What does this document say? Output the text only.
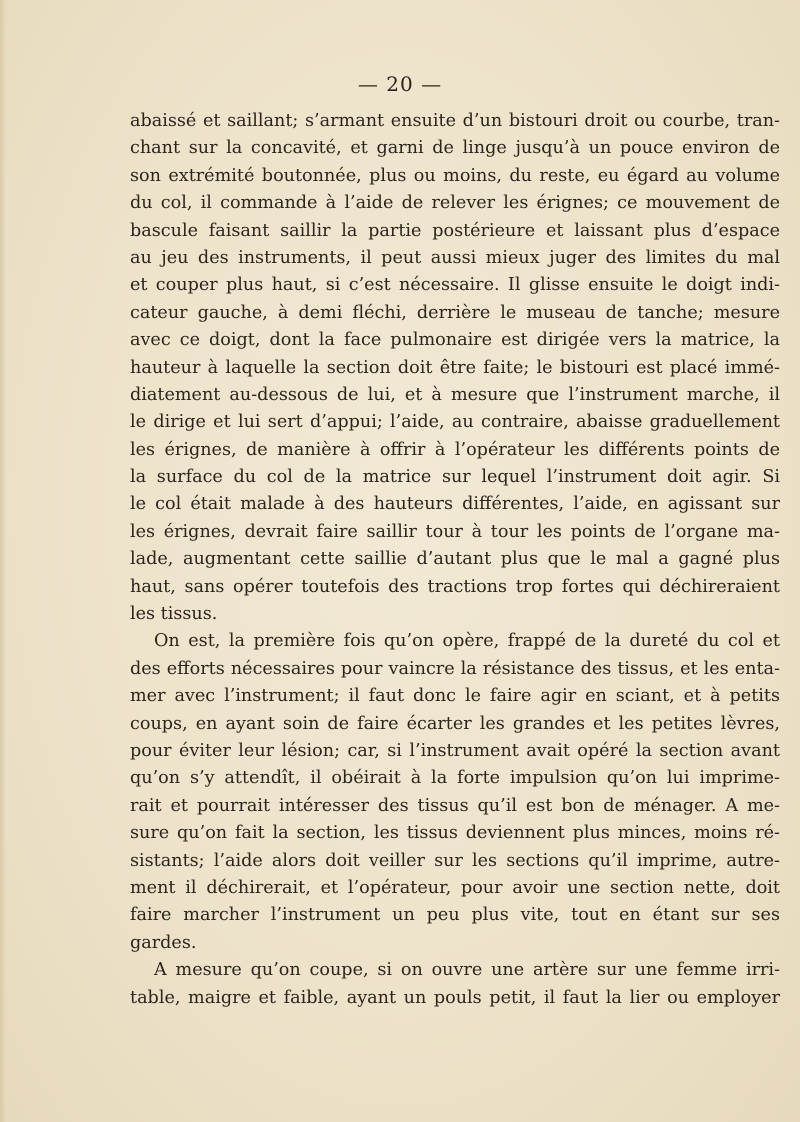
— 20 —
abaissé et saillant; s’armant ensuite d’un bistouri droit ou courbe, tran-
chant sur la concavité, et garni de linge jusqu’à un pouce environ de
son extrémité boutonnée, plus ou moins, du reste, eu égard au volume
du col, il commande à l’aide de relever les érignes; ce mouvement de
bascule faisant saillir la partie postérieure et laissant plus d’espace
au jeu des instruments, il peut aussi mieux juger des limites du mal
et couper plus haut, si c’est nécessaire. Il glisse ensuite le doigt indi-
cateur gauche, à demi fléchi, derrière le museau de tanche; mesure
avec ce doigt, dont la face pulmonaire est dirigée vers la matrice, la
hauteur à laquelle la section doit être faite; le bistouri est placé immé-
diatement au-dessous de lui, et à mesure que l’instrument marche, il
le dirige et lui sert d’appui; l’aide, au contraire, abaisse graduellement
les érignes, de manière à offrir à l’opérateur les différents points de
la surface du col de la matrice sur lequel l’instrument doit agir. Si
le col était malade à des hauteurs différentes, l’aide, en agissant sur
les érignes, devrait faire saillir tour à tour les points de l’organe ma-
lade, augmentant cette saillie d’autant plus que le mal a gagné plus
haut, sans opérer toutefois des tractions trop fortes qui déchireraient
les tissus.
On est, la première fois qu’on opère, frappé de la dureté du col et
des efforts nécessaires pour vaincre la résistance des tissus, et les enta-
mer avec l’instrument; il faut donc le faire agir en sciant, et à petits
coups, en ayant soin de faire écarter les grandes et les petites lèvres,
pour éviter leur lésion; car, si l’instrument avait opéré la section avant
qu’on s’y attendît, il obéirait à la forte impulsion qu’on lui imprime-
rait et pourrait intéresser des tissus qu’il est bon de ménager. A me-
sure qu’on fait la section, les tissus deviennent plus minces, moins ré-
sistants; l’aide alors doit veiller sur les sections qu’il imprime, autre-
ment il déchirerait, et l’opérateur, pour avoir une section nette, doit
faire marcher l’instrument un peu plus vite, tout en étant sur ses
gardes.
A mesure qu’on coupe, si on ouvre une artère sur une femme irri-
table, maigre et faible, ayant un pouls petit, il faut la lier ou employer
